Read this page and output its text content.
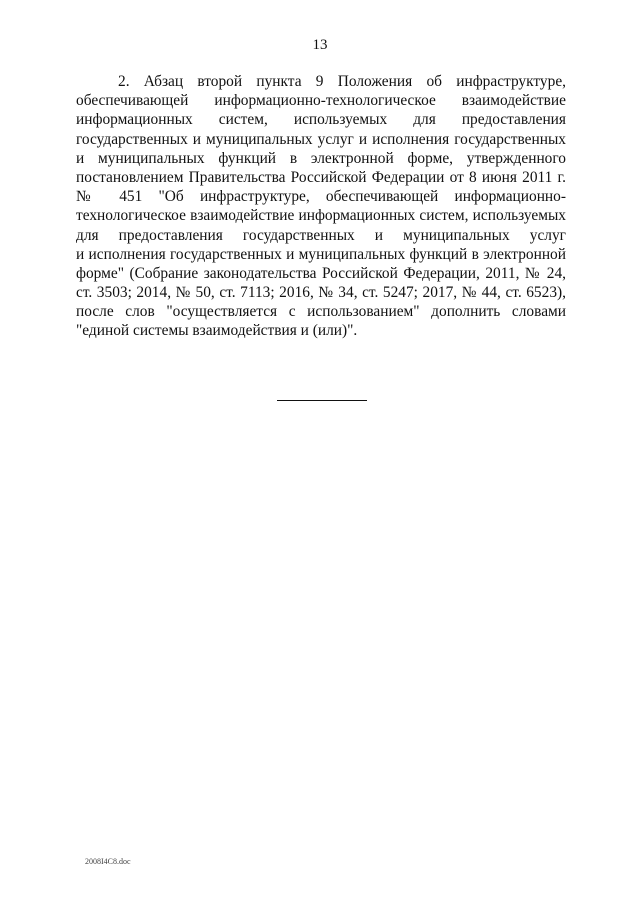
13
2. Абзац второй пункта 9 Положения об инфраструктуре,
обеспечивающей информационно-технологическое взаимодействие
информационных систем, используемых для предоставления
государственных и муниципальных услуг и исполнения государственных
и муниципальных функций в электронной форме, утвержденного
постановлением Правительства Российской Федерации от 8 июня 2011 г.
№ 451 "Об инфраструктуре, обеспечивающей информационно-
технологическое взаимодействие информационных систем, используемых
для предоставления государственных и муниципальных услуг
и исполнения государственных и муниципальных функций в электронной
форме" (Собрание законодательства Российской Федерации, 2011, № 24,
ст. 3503; 2014, № 50, ст. 7113; 2016, № 34, ст. 5247; 2017, № 44, ст. 6523),
после слов "осуществляется с использованием" дополнить словами
"единой системы взаимодействия и (или)".
2008I4C8.doc
